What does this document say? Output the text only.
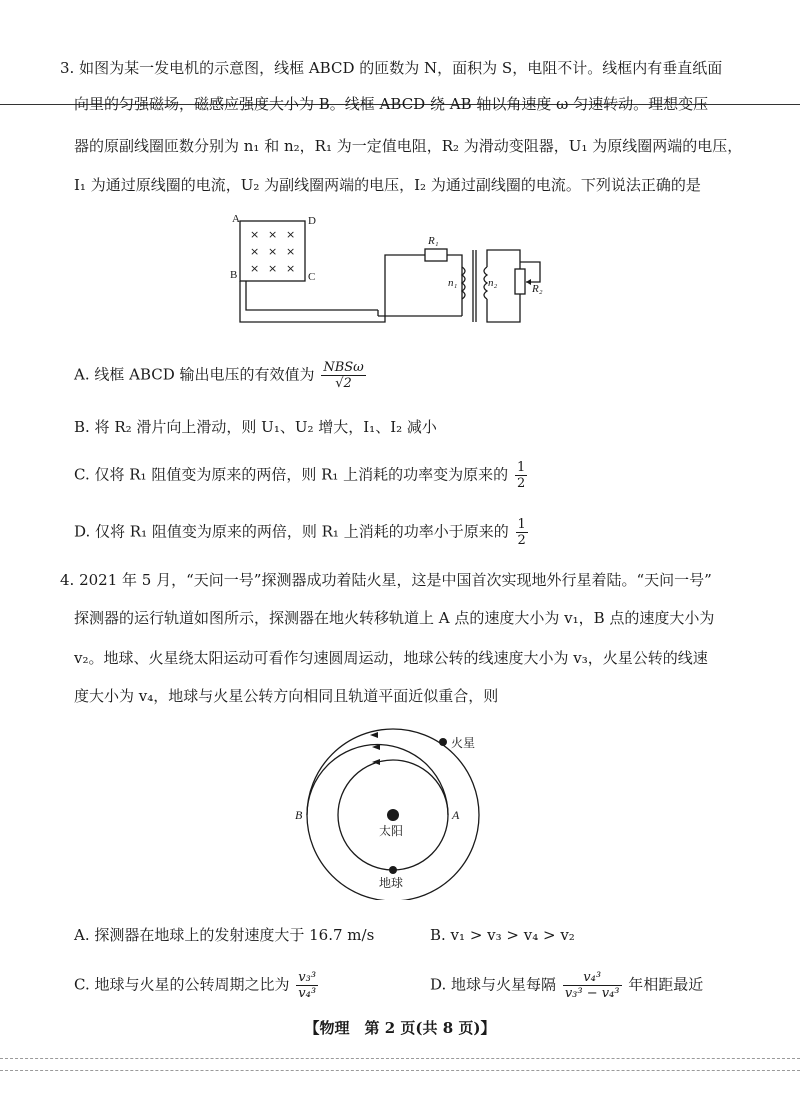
3. 如图为某一发电机的示意图，线框 ABCD 的匝数为 N，面积为 S，电阻不计。线框内有垂直纸面
向里的匀强磁场，磁感应强度大小为 B。线框 ABCD 绕 AB 轴以角速度 ω 匀速转动。理想变压
器的原副线圈匝数分别为 n₁ 和 n₂，R₁ 为一定值电阻，R₂ 为滑动变阻器，U₁ 为原线圈两端的电压，
I₁ 为通过原线圈的电流，U₂ 为副线圈两端的电压，I₂ 为通过副线圈的电流。下列说法正确的是
A	D
B	C
R₁
n₁	n₂	R₂
× × ×
× × ×
× × ×
A. 线框 ABCD 输出电压的有效值为 $\frac{\text{NBSω}}{√2}$
B. 将 R₂ 滑片向上滑动，则 U₁、U₂ 增大，I₁、I₂ 减小
C. 仅将 R₁ 阻值变为原来的两倍，则 R₁ 上消耗的功率变为原来的 $\frac{1}{2}$
D. 仅将 R₁ 阻值变为原来的两倍，则 R₁ 上消耗的功率小于原来的 $\frac{1}{2}$
4. 2021 年 5 月，“天问一号”探测器成功着陆火星，这是中国首次实现地外行星着陆。“天问一号”
探测器的运行轨道如图所示，探测器在地火转移轨道上 A 点的速度大小为 v₁，B 点的速度大小为
v₂。地球、火星绕太阳运动可看作匀速圆周运动，地球公转的线速度大小为 v₃，火星公转的线速
度大小为 v₄，地球与火星公转方向相同且轨道平面近似重合，则
火星
太阳
地球
A
B
A. 探测器在地球上的发射速度大于 16.7 m/s	B. v₁ > v₃ > v₄ > v₂
C. 地球与火星的公转周期之比为 $\frac{\text{v₃³}}{\text{v₄³}}$	D. 地球与火星每隔 $\frac{\text{v₄³}}{\text{v₃³ − v₄³}}$ 年相距最近
【物理　第 2 页(共 8 页)】
